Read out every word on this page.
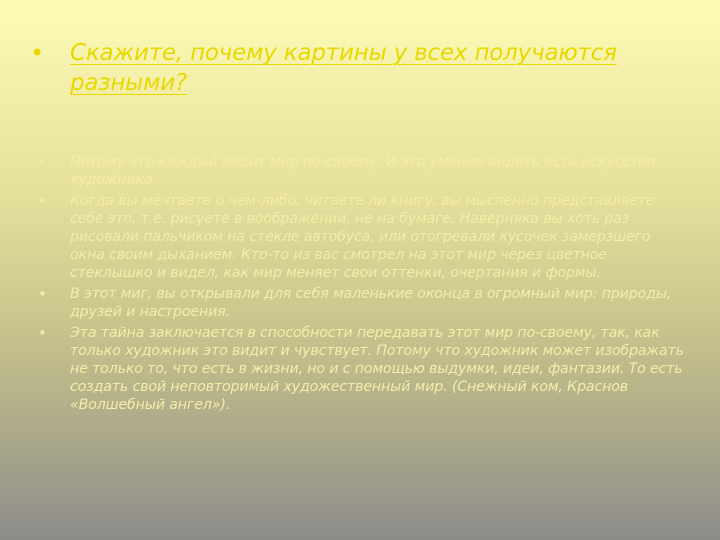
• Скажите, почему картины у всех получаются разными?
• Потому что каждый видит мир по-своему. И это умение видеть есть искусство художника.
• Когда вы мечтаете о чем-либо, читаете ли книгу, вы мысленно представляете себе это, т.е. рисуете в воображении, не на бумаге. Наверняка вы хоть раз рисовали пальчиком на стекле автобуса, или отогревали кусочек замерзшего окна своим дыханием. Кто-то из вас смотрел на этот мир через цветное стеклышко и видел, как мир меняет свои оттенки, очертания и формы.
• В этот миг, вы открывали для себя маленькие оконца в огромный мир: природы, друзей и настроения.
• Эта тайна заключается в способности передавать этот мир по-своему, так, как только художник это видит и чувствует. Потому что художник может изображать не только то, что есть в жизни, но и с помощью выдумки, идеи, фантазии. То есть создать свой неповторимый художественный мир. (Снежный ком, Краснов «Волшебный ангел»).
